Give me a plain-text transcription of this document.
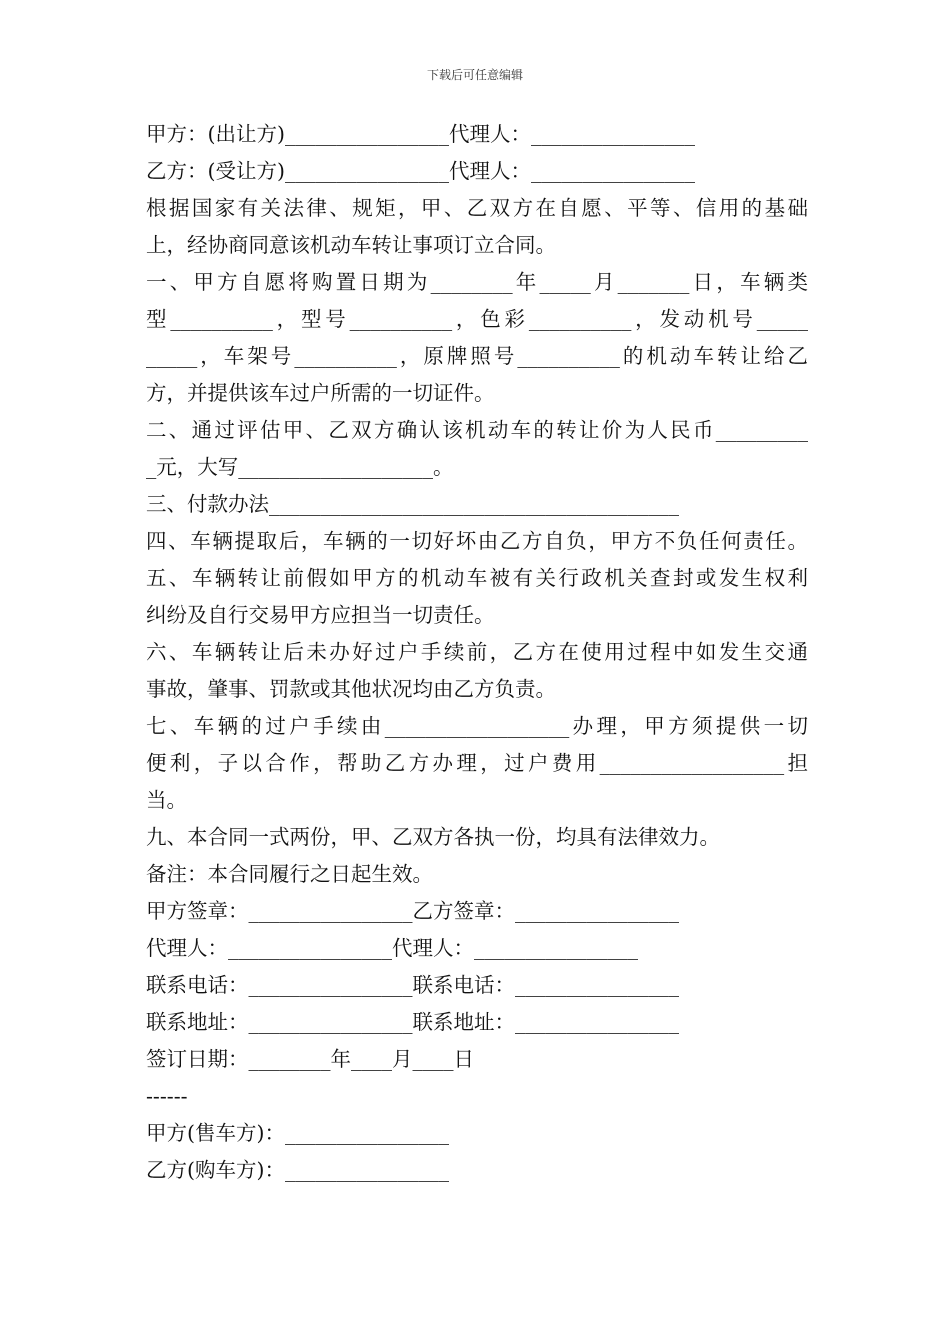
下载后可任意编辑

甲方：(出让方)________________代理人：________________

乙方：(受让方)________________代理人：________________

根据国家有关法律、规矩，甲、乙双方在自愿、平等、信用的基础

上，经协商同意该机动车转让事项订立合同。

一、甲方自愿将购置日期为________年_____月_______日，车辆类

型__________，型号__________，色彩__________，发动机号_____

_____，车架号__________，原牌照号__________的机动车转让给乙

方，并提供该车过户所需的一切证件。

二、通过评估甲、乙双方确认该机动车的转让价为人民币_________

_元，大写___________________。

三、付款办法________________________________________

四、车辆提取后，车辆的一切好坏由乙方自负，甲方不负任何责任。

五、车辆转让前假如甲方的机动车被有关行政机关查封或发生权利

纠纷及自行交易甲方应担当一切责任。

六、车辆转让后未办好过户手续前，乙方在使用过程中如发生交通

事故，肇事、罚款或其他状况均由乙方负责。

七、车辆的过户手续由__________________办理，甲方须提供一切

便利，子以合作，帮助乙方办理，过户费用__________________担

当。

九、本合同一式两份，甲、乙双方各执一份，均具有法律效力。

备注：本合同履行之日起生效。

甲方签章：________________乙方签章：________________

代理人：________________代理人：________________

联系电话：________________联系电话：________________

联系地址：________________联系地址：________________

签订日期：________年____月____日

------

甲方(售车方)：________________

乙方(购车方)：________________
